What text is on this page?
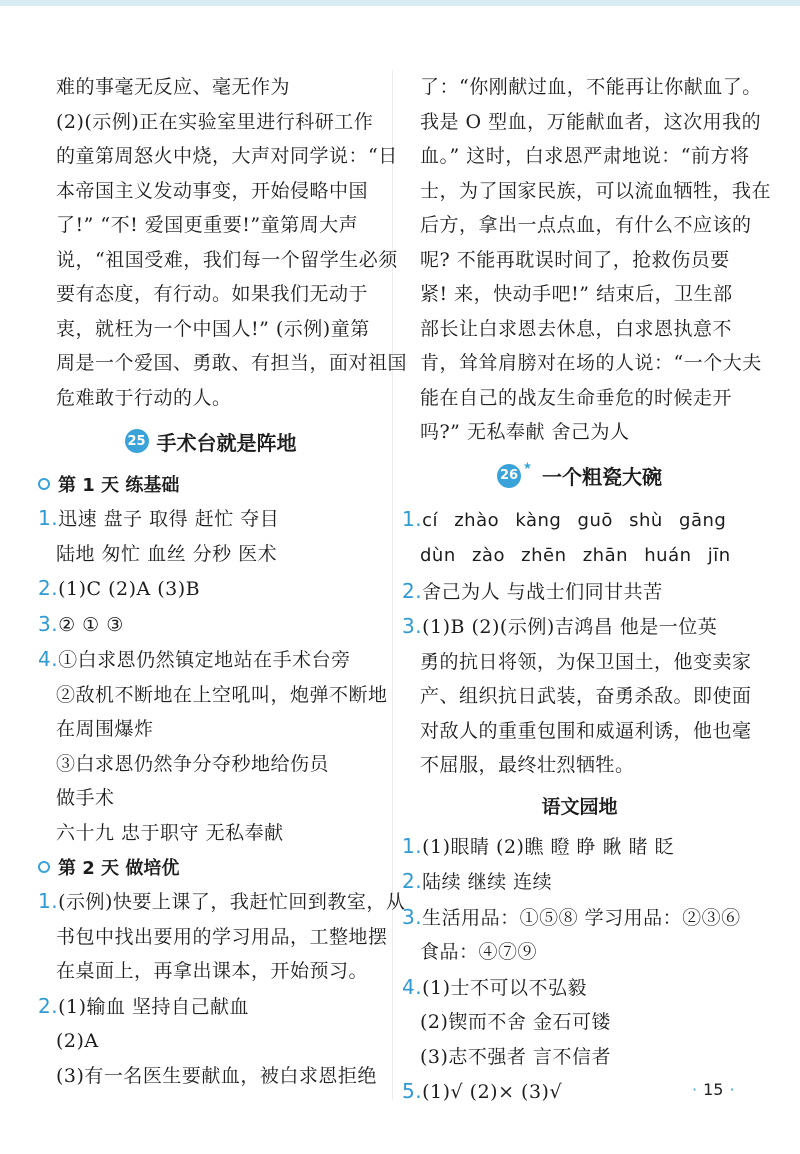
难的事毫无反应、毫无作为
(2)(示例)正在实验室里进行科研工作
的童第周怒火中烧，大声对同学说：“日
本帝国主义发动事变，开始侵略中国
了!” “不! 爱国更重要!”童第周大声
说，“祖国受难，我们每一个留学生必须
要有态度，有行动。如果我们无动于
衷，就枉为一个中国人!” (示例)童第
周是一个爱国、勇敢、有担当，面对祖国
危难敢于行动的人。
25 手术台就是阵地
第 1 天 练基础
1.迅速 盘子 取得 赶忙 夺目
陆地 匆忙 血丝 分秒 医术
2.(1)C (2)A (3)B
3.② ① ③
4.①白求恩仍然镇定地站在手术台旁
②敌机不断地在上空吼叫，炮弹不断地
在周围爆炸
③白求恩仍然争分夺秒地给伤员
做手术
六十九 忠于职守 无私奉献
第 2 天 做培优
1.(示例)快要上课了，我赶忙回到教室，从
书包中找出要用的学习用品，工整地摆
在桌面上，再拿出课本，开始预习。
2.(1)输血 坚持自己献血
(2)A
(3)有一名医生要献血，被白求恩拒绝
了：“你刚献过血，不能再让你献血了。
我是 O 型血，万能献血者，这次用我的
血。” 这时，白求恩严肃地说：“前方将
士，为了国家民族，可以流血牺牲，我在
后方，拿出一点点血，有什么不应该的
呢? 不能再耽误时间了，抢救伤员要
紧! 来，快动手吧!” 结束后，卫生部
部长让白求恩去休息，白求恩执意不
肯，耸耸肩膀对在场的人说：“一个大夫
能在自己的战友生命垂危的时候走开
吗?” 无私奉献 舍己为人
26
★ 一个粗瓷大碗
1.cí zhào kàng guō shù gāng
dùn zào zhēn zhān huán jīn
2.舍己为人 与战士们同甘共苦
3.(1)B (2)(示例)吉鸿昌 他是一位英
勇的抗日将领，为保卫国土，他变卖家
产、组织抗日武装，奋勇杀敌。即使面
对敌人的重重包围和威逼利诱，他也毫
不屈服，最终壮烈牺牲。
语文园地
1.(1)眼睛 (2)瞧 瞪 睁 瞅 睹 眨
2.陆续 继续 连续
3.生活用品：①⑤⑧ 学习用品：②③⑥
食品：④⑦⑨
4.(1)士不可以不弘毅
(2)锲而不舍 金石可镂
(3)志不强者 言不信者
5.(1)√ (2)× (3)√	· 15 ·
